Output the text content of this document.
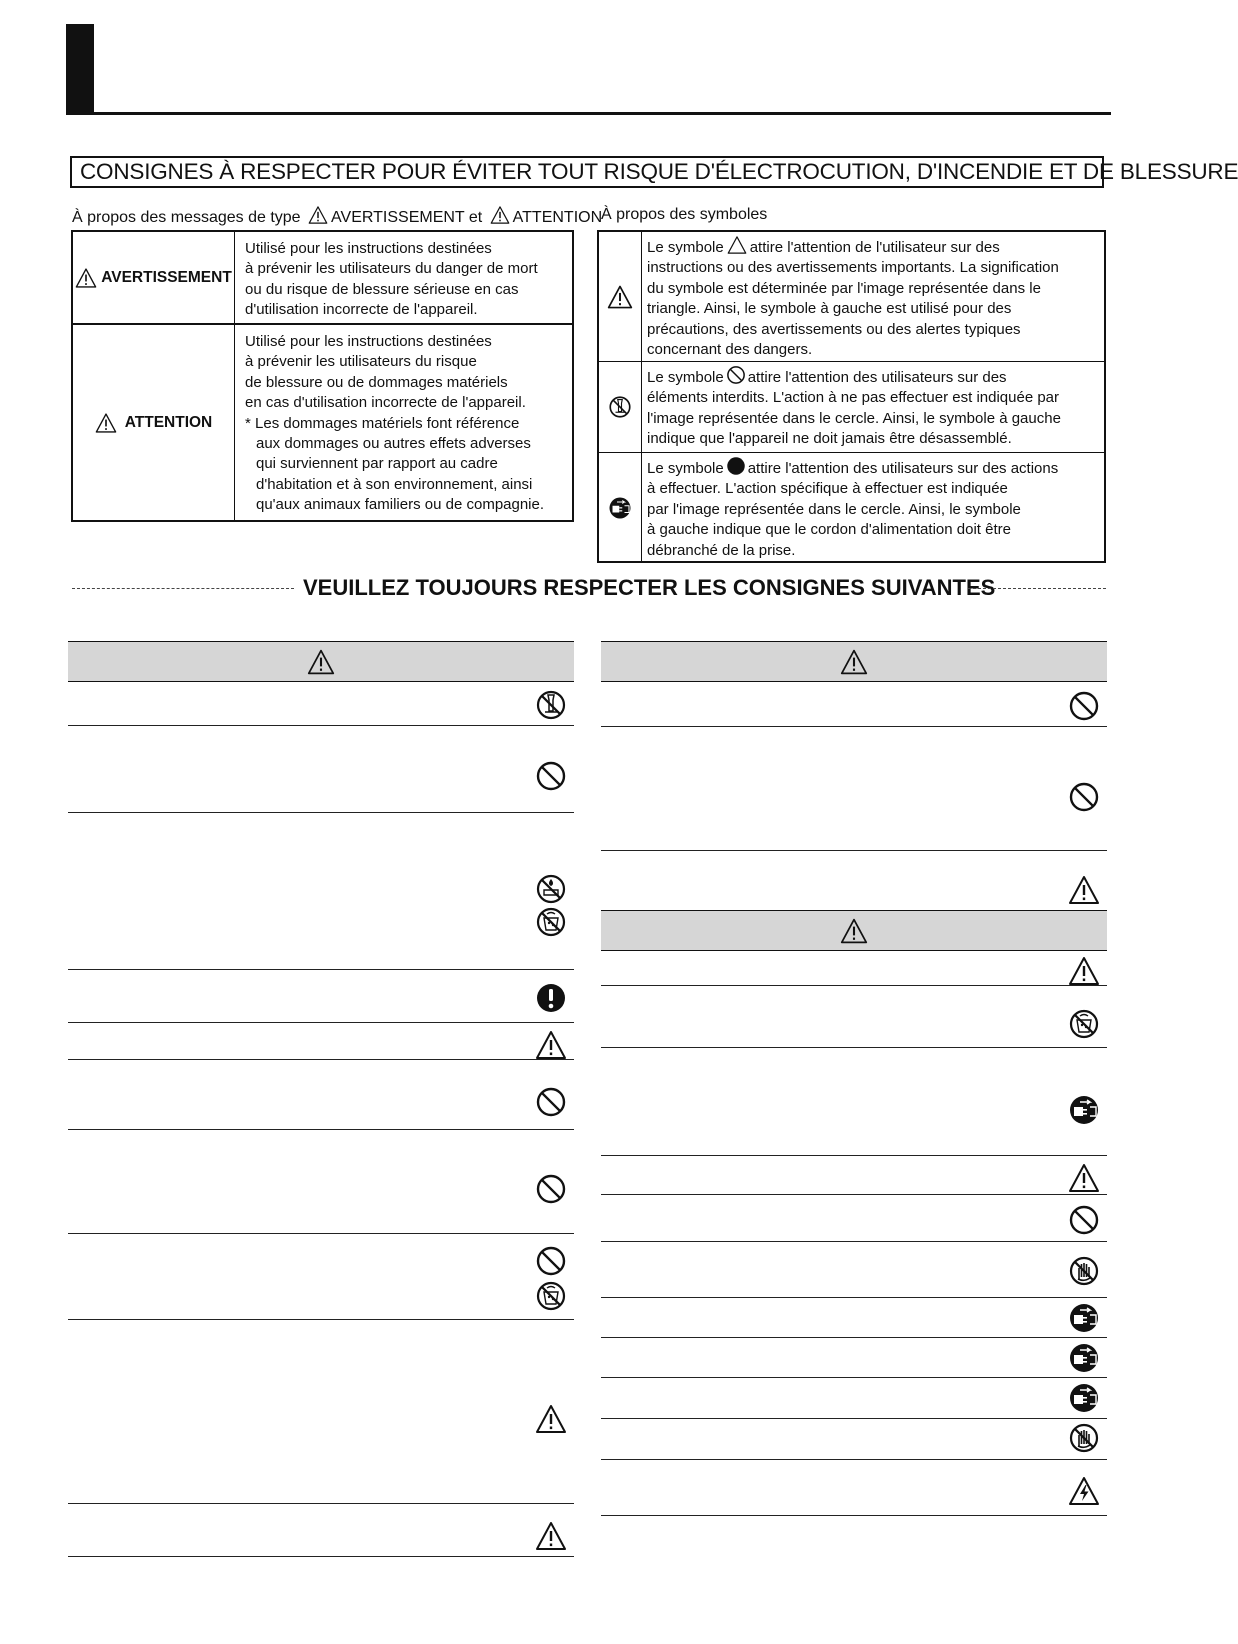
CONSIGNES À RESPECTER POUR ÉVITER TOUT RISQUE D'ÉLECTROCUTION, D'INCENDIE ET DE BLESSURE
À propos des messages de type AVERTISSEMENT et ATTENTION
À propos des symboles
AVERTISSEMENT
Utilisé pour les instructions destinées
à prévenir les utilisateurs du danger de mort
ou du risque de blessure sérieuse en cas
d'utilisation incorrecte de l'appareil.
ATTENTION
Utilisé pour les instructions destinées
à prévenir les utilisateurs du risque
de blessure ou de dommages matériels
en cas d'utilisation incorrecte de l'appareil.
* Les dommages matériels font référence
aux dommages ou autres effets adverses
qui surviennent par rapport au cadre
d'habitation et à son environnement, ainsi
qu'aux animaux familiers ou de compagnie.
Le symbole attire l'attention de l'utilisateur sur des
instructions ou des avertissements importants. La signification
du symbole est déterminée par l'image représentée dans le
triangle. Ainsi, le symbole à gauche est utilisé pour des
précautions, des avertissements ou des alertes typiques
concernant des dangers.
Le symbole attire l'attention des utilisateurs sur des
éléments interdits. L'action à ne pas effectuer est indiquée par
l'image représentée dans le cercle. Ainsi, le symbole à gauche
indique que l'appareil ne doit jamais être désassemblé.
Le symbole attire l'attention des utilisateurs sur des actions
à effectuer. L'action spécifique à effectuer est indiquée
par l'image représentée dans le cercle. Ainsi, le symbole
à gauche indique que le cordon d'alimentation doit être
débranché de la prise.
VEUILLEZ TOUJOURS RESPECTER LES CONSIGNES SUIVANTES
